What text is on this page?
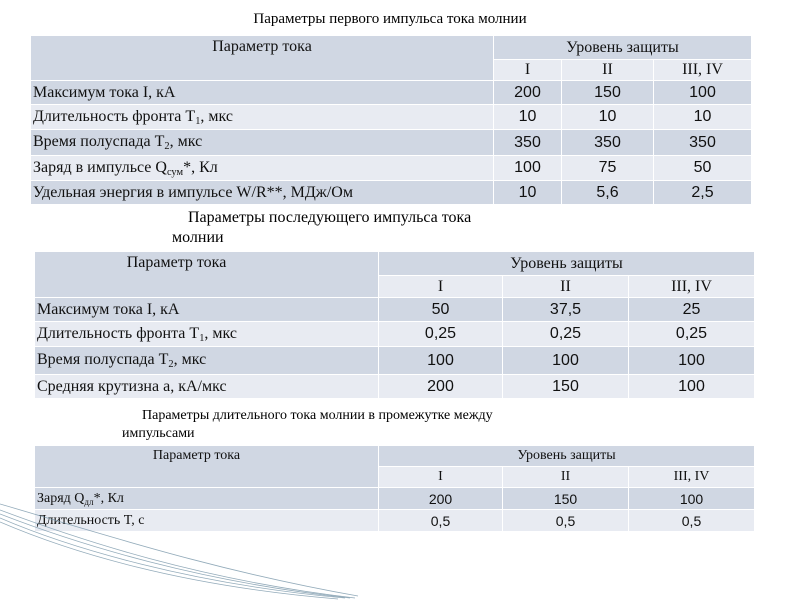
Параметры первого импульса тока молнии
Параметр тока	Уровень защиты		
	I	II	III, IV
Максимум тока I, кА	200	150	100
Длительность фронта $T_1$, мкс	10	10	10
Время полуспада $T_2$, мкс	350	350	350
Заряд в импульсе $Q_{сум}*$, Кл	100	75	50
Удельная энергия в импульсе W/R**, МДж/Ом	10	5,6	2,5
Параметры последующего импульса тока
молнии
Параметр тока	Уровень защиты		
	I	II	III, IV
Максимум тока I, кА	50	37,5	25
Длительность фронта $T_1$, мкс	0,25	0,25	0,25
Время полуспада $T_2$, мкс	100	100	100
Средняя крутизна а, кА/мкс	200	150	100
Параметры длительного тока молнии в промежутке между
импульсами
Параметр тока	Уровень защиты		
	I	II	III, IV
Заряд $Q_{дл}*$, Кл	200	150	100
Длительность T, с	0,5	0,5	0,5
